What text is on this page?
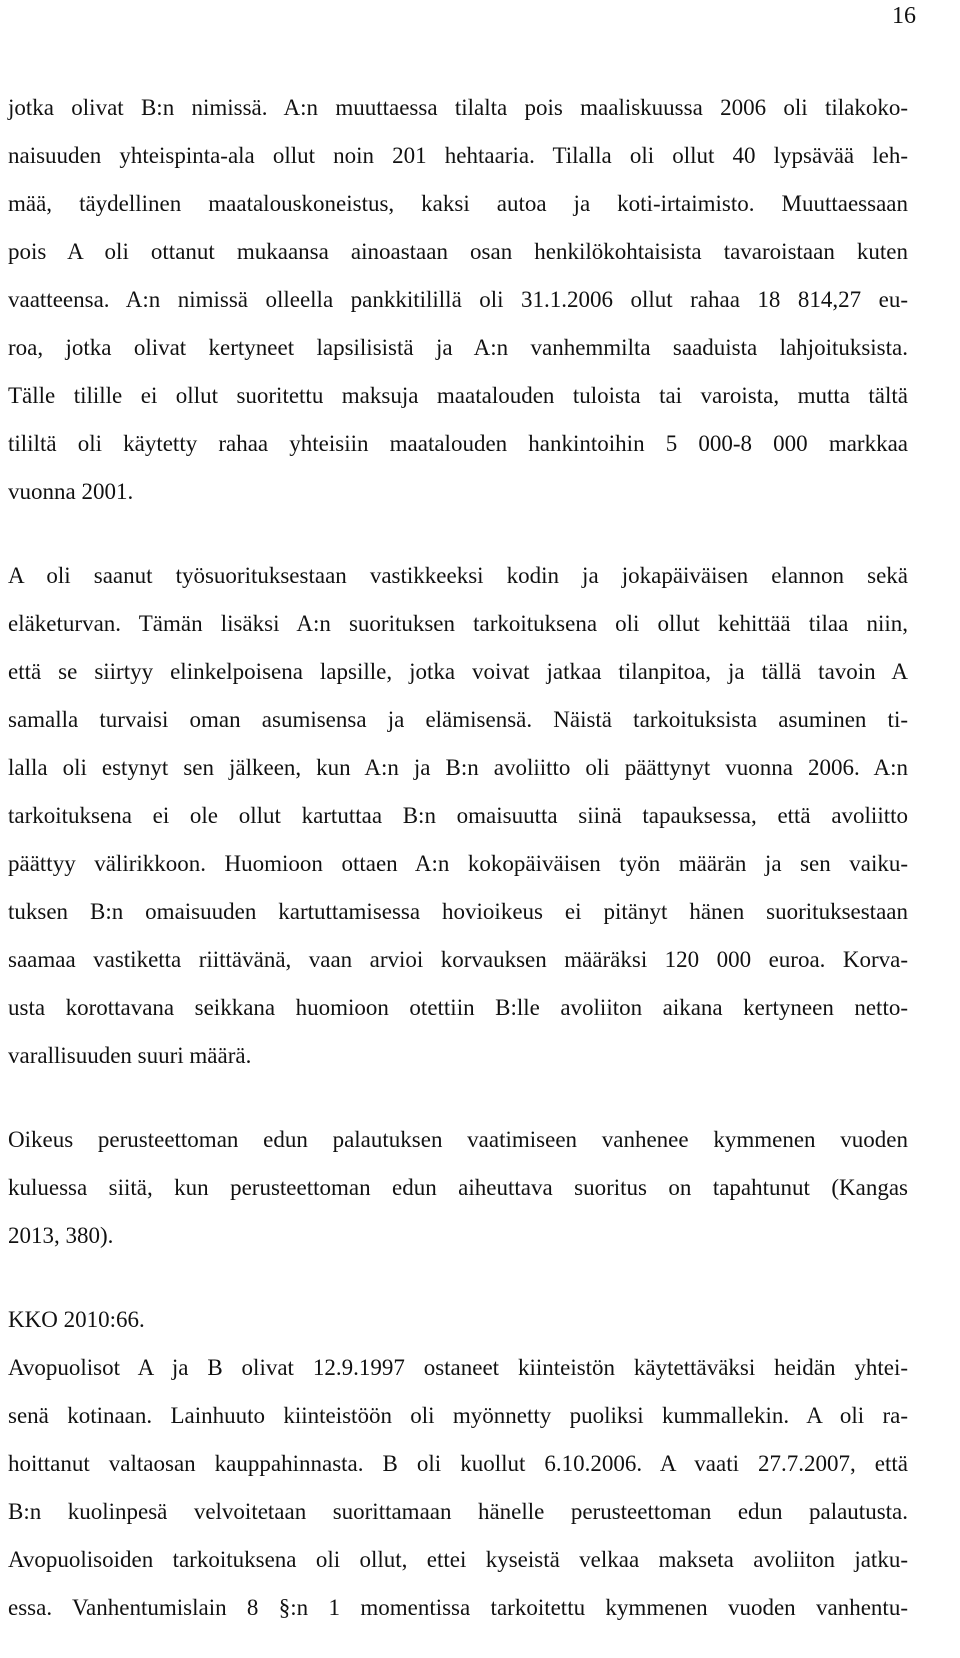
16
jotka olivat B:n nimissä. A:n muuttaessa tilalta pois maaliskuussa 2006 oli tilakoko-
naisuuden yhteispinta-ala ollut noin 201 hehtaaria. Tilalla oli ollut 40 lypsävää leh-
mää, täydellinen maatalouskoneistus, kaksi autoa ja koti-irtaimisto. Muuttaessaan
pois A oli ottanut mukaansa ainoastaan osan henkilökohtaisista tavaroistaan kuten
vaatteensa. A:n nimissä olleella pankkitilillä oli 31.1.2006 ollut rahaa 18 814,27 eu-
roa, jotka olivat kertyneet lapsilisistä ja A:n vanhemmilta saaduista lahjoituksista.
Tälle tilille ei ollut suoritettu maksuja maatalouden tuloista tai varoista, mutta tältä
tililtä oli käytetty rahaa yhteisiin maatalouden hankintoihin 5 000-8 000 markkaa
vuonna 2001.
A oli saanut työsuorituksestaan vastikkeeksi kodin ja jokapäiväisen elannon sekä
eläketurvan. Tämän lisäksi A:n suorituksen tarkoituksena oli ollut kehittää tilaa niin,
että se siirtyy elinkelpoisena lapsille, jotka voivat jatkaa tilanpitoa, ja tällä tavoin A
samalla turvaisi oman asumisensa ja elämisensä. Näistä tarkoituksista asuminen ti-
lalla oli estynyt sen jälkeen, kun A:n ja B:n avoliitto oli päättynyt vuonna 2006. A:n
tarkoituksena ei ole ollut kartuttaa B:n omaisuutta siinä tapauksessa, että avoliitto
päättyy välirikkoon. Huomioon ottaen A:n kokopäiväisen työn määrän ja sen vaiku-
tuksen B:n omaisuuden kartuttamisessa hovioikeus ei pitänyt hänen suorituksestaan
saamaa vastiketta riittävänä, vaan arvioi korvauksen määräksi 120 000 euroa. Korva-
usta korottavana seikkana huomioon otettiin B:lle avoliiton aikana kertyneen netto-
varallisuuden suuri määrä.
Oikeus perusteettoman edun palautuksen vaatimiseen vanhenee kymmenen vuoden
kuluessa siitä, kun perusteettoman edun aiheuttava suoritus on tapahtunut (Kangas
2013, 380).
KKO 2010:66.
Avopuolisot A ja B olivat 12.9.1997 ostaneet kiinteistön käytettäväksi heidän yhtei-
senä kotinaan. Lainhuuto kiinteistöön oli myönnetty puoliksi kummallekin. A oli ra-
hoittanut valtaosan kauppahinnasta. B oli kuollut 6.10.2006. A vaati 27.7.2007, että
B:n kuolinpesä velvoitetaan suorittamaan hänelle perusteettoman edun palautusta.
Avopuolisoiden tarkoituksena oli ollut, ettei kyseistä velkaa makseta avoliiton jatku-
essa. Vanhentumislain 8 §:n 1 momentissa tarkoitettu kymmenen vuoden vanhentu-
